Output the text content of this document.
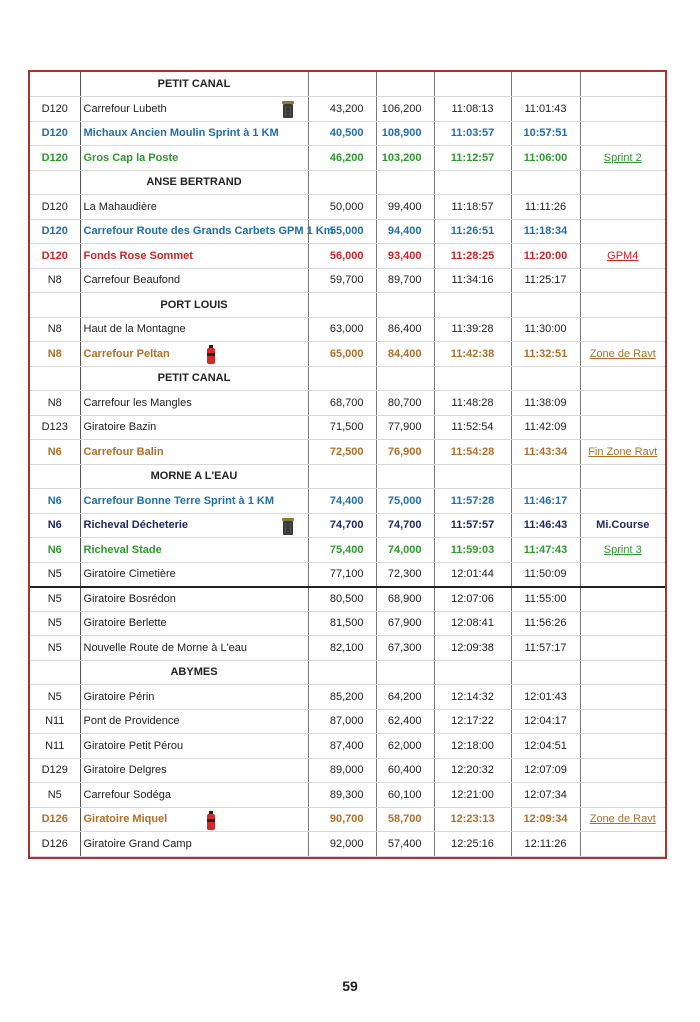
	PETIT CANAL					
D120	Carrefour Lubeth	43,200	106,200	11:08:13	11:01:43	
D120	Michaux Ancien Moulin Sprint à 1 KM	40,500	108,900	11:03:57	10:57:51	
D120	Gros Cap la Poste	46,200	103,200	11:12:57	11:06:00	Sprint 2
	ANSE BERTRAND					
D120	La Mahaudière	50,000	99,400	11:18:57	11:11:26	
D120	Carrefour Route des Grands Carbets GPM 1 Km	55,000	94,400	11:26:51	11:18:34	
D120	Fonds Rose Sommet	56,000	93,400	11:28:25	11:20:00	GPM4
N8	Carrefour Beaufond	59,700	89,700	11:34:16	11:25:17	
	PORT LOUIS					
N8	Haut de la Montagne	63,000	86,400	11:39:28	11:30:00	
N8	Carrefour Peltan	65,000	84,400	11:42:38	11:32:51	Zone de Ravt
	PETIT CANAL					
N8	Carrefour les Mangles	68,700	80,700	11:48:28	11:38:09	
D123	Giratoire Bazin	71,500	77,900	11:52:54	11:42:09	
N6	Carrefour Balin	72,500	76,900	11:54:28	11:43:34	Fin Zone Ravt
	MORNE A L'EAU					
N6	Carrefour Bonne Terre Sprint à 1 KM	74,400	75,000	11:57:28	11:46:17	
N6	Richeval Décheterie	74,700	74,700	11:57:57	11:46:43	Mi.Course
N6	Richeval Stade	75,400	74,000	11:59:03	11:47:43	Sprint 3
N5	Giratoire Cimetière	77,100	72,300	12:01:44	11:50:09	
N5	Giratoire Bosrédon	80,500	68,900	12:07:06	11:55:00	
N5	Giratoire Berlette	81,500	67,900	12:08:41	11:56:26	
N5	Nouvelle Route de Morne à L'eau	82,100	67,300	12:09:38	11:57:17	
	ABYMES					
N5	Giratoire Périn	85,200	64,200	12:14:32	12:01:43	
N11	Pont de Providence	87,000	62,400	12:17:22	12:04:17	
N11	Giratoire Petit Pérou	87,400	62,000	12:18:00	12:04:51	
D129	Giratoire Delgres	89,000	60,400	12:20:32	12:07:09	
N5	Carrefour Sodéga	89,300	60,100	12:21:00	12:07:34	
D126	Giratoire Miquel	90,700	58,700	12:23:13	12:09:34	Zone de Ravt
D126	Giratoire Grand Camp	92,000	57,400	12:25:16	12:11:26	
59
